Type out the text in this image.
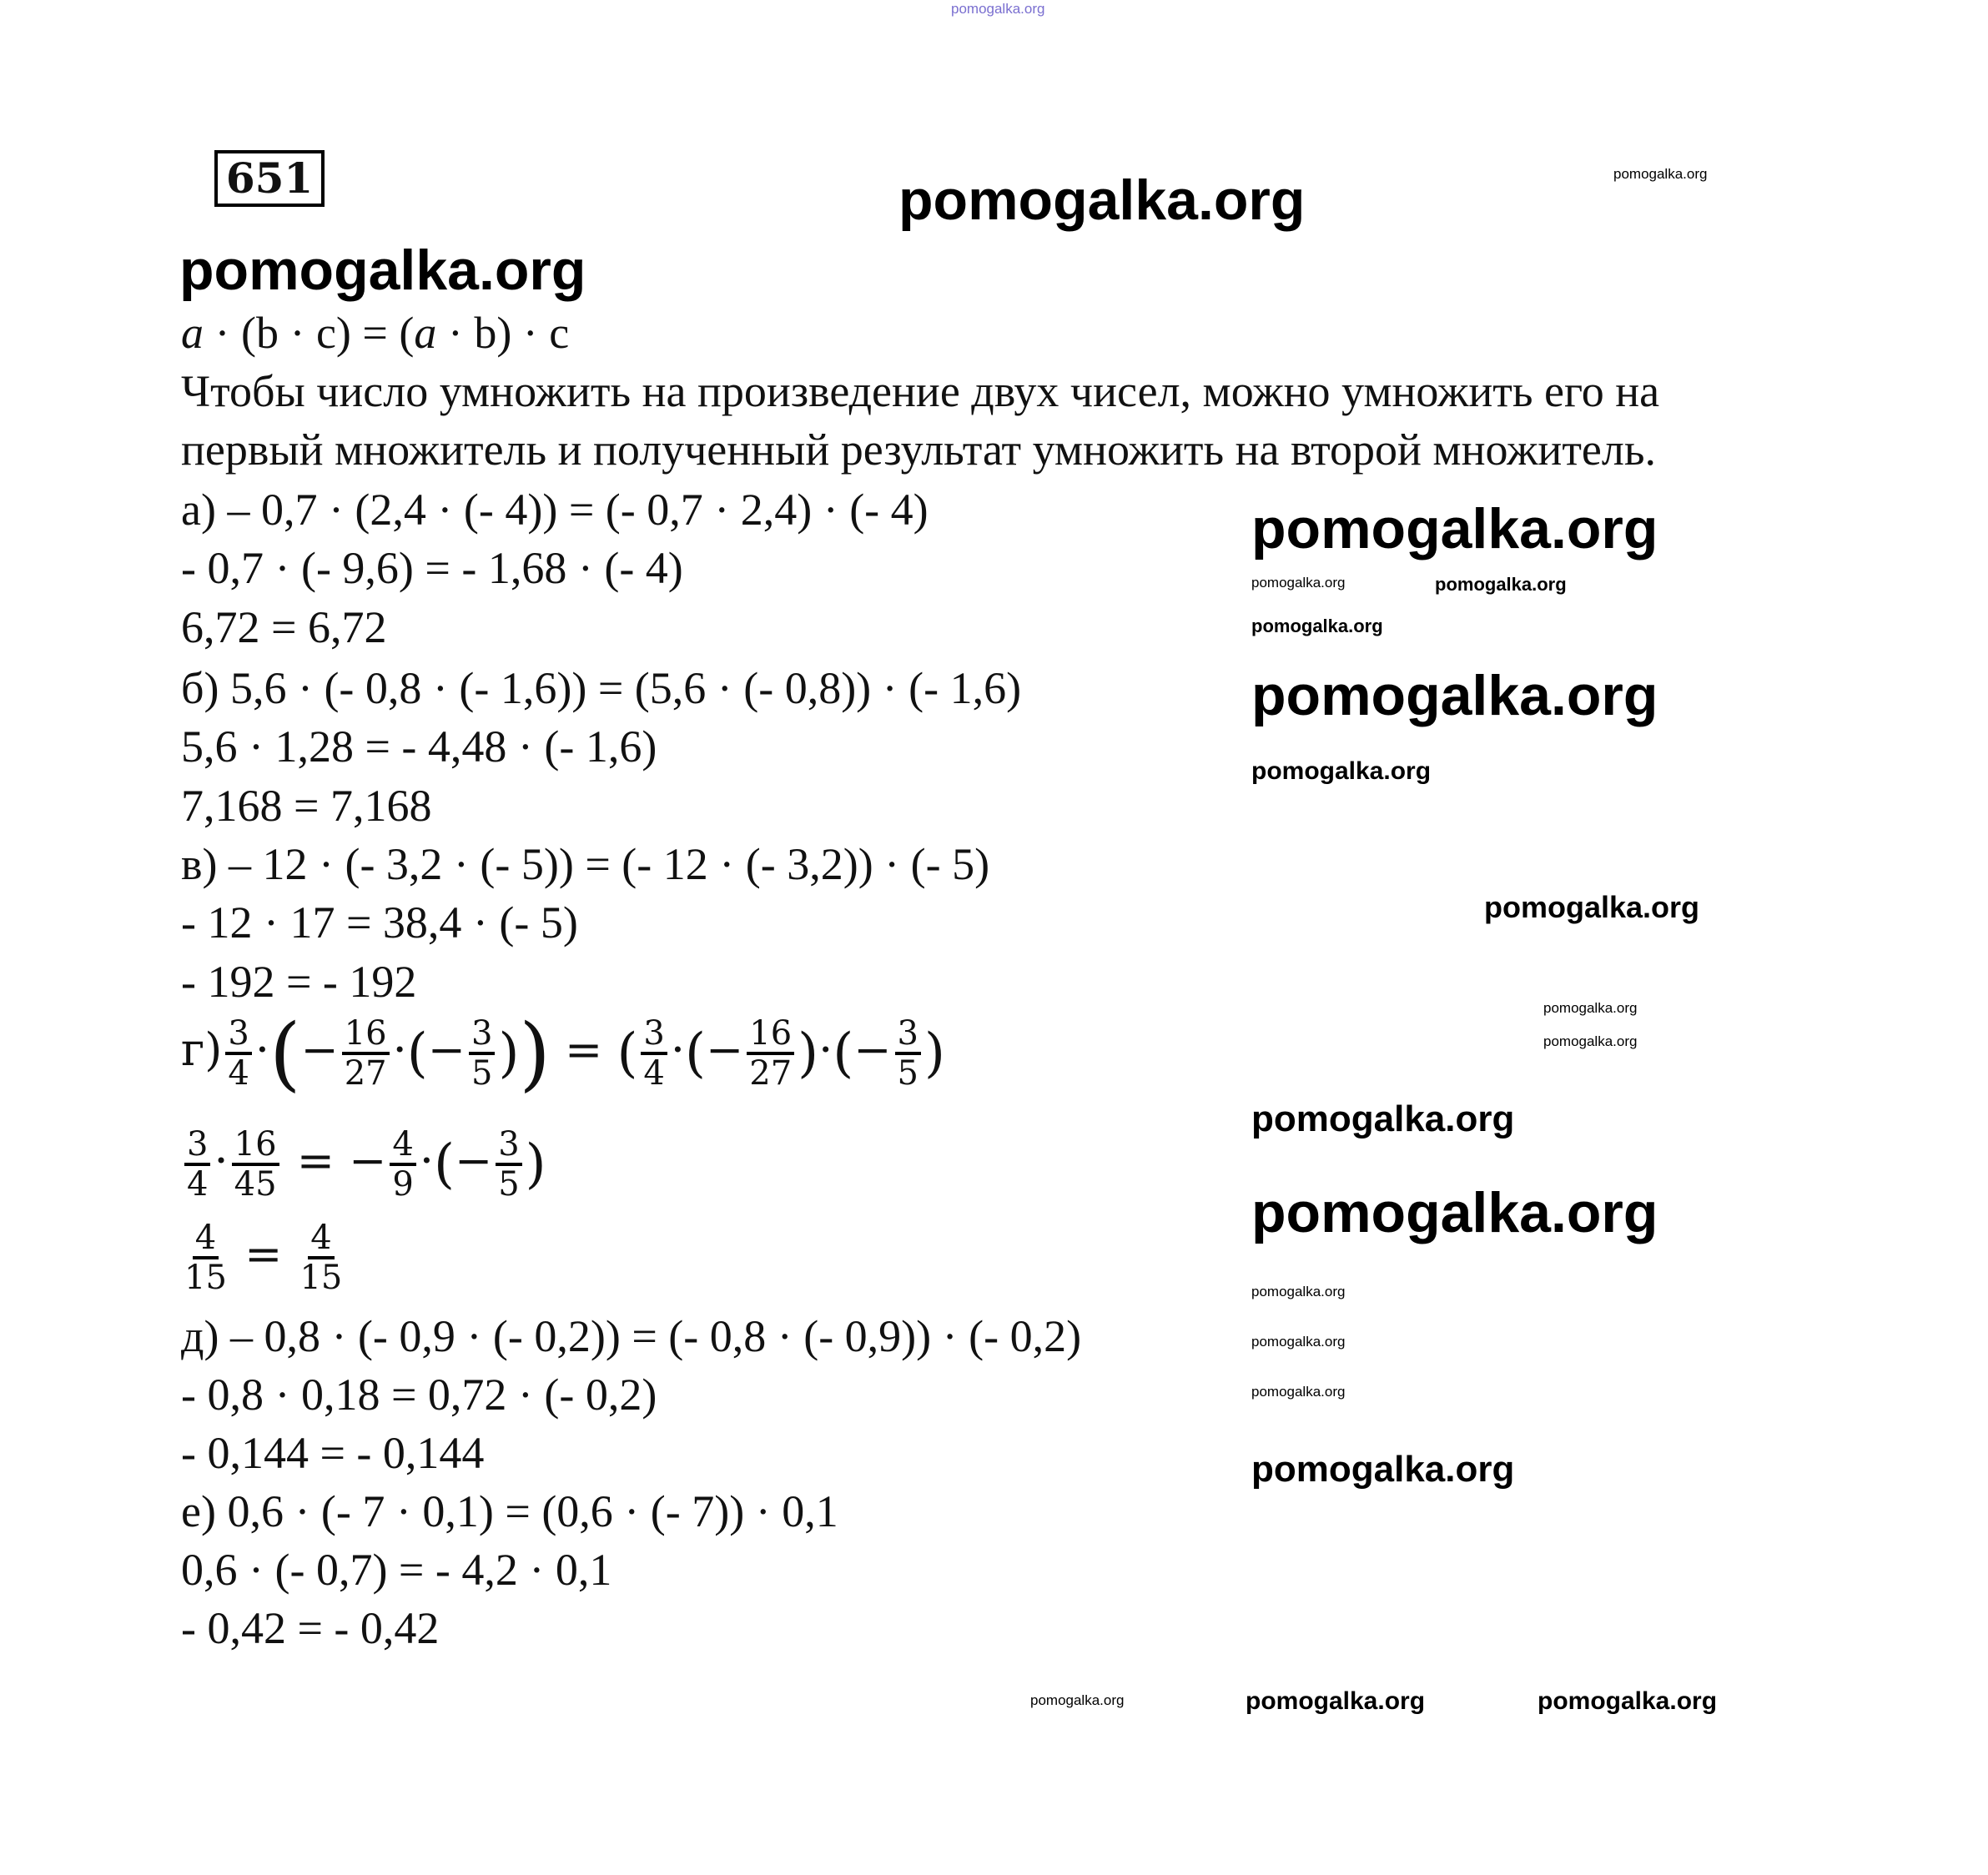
pomogalka.org
651	pomogalka.org	pomogalka.org
pomogalka.org
a · (b · c) = (a · b) · c
Чтобы число умножить на произведение двух чисел, можно умножить его на
первый множитель и полученный результат умножить на второй множитель.
а) – 0,7 · (2,4 · (- 4)) = (- 0,7 · 2,4) · (- 4)
- 0,7 · (- 9,6) = - 1,68 · (- 4)
6,72 = 6,72
б) 5,6 · (- 0,8 · (- 1,6)) = (5,6 · (- 0,8)) · (- 1,6)
5,6 · 1,28 = - 4,48 · (- 1,6)
7,168 = 7,168
в) – 12 · (- 3,2 · (- 5)) = (- 12 · (- 3,2)) · (- 5)
- 12 · 17 = 38,4 · (- 5)
- 192 = - 192
pomogalka.org
pomogalka.org	pomogalka.org
pomogalka.org
pomogalka.org
pomogalka.org
pomogalka.org
pomogalka.org
pomogalka.org
pomogalka.org
pomogalka.org
pomogalka.org
pomogalka.org
pomogalka.org
pomogalka.org
$г) \frac{3}{4}$ ·(− $\frac{16}{27}$ ·(− $\frac{3}{5}$ )) = ( $\frac{3}{4}$ ·(− $\frac{16}{27}$ )·(− $\frac{3}{5}$ )
$\frac{3}{4} \cdot \frac{16}{45}$ = − $\frac{4}{9}$ ·(− $\frac{3}{5}$ )
$\frac{4}{15} = \frac{4}{15}$
д) – 0,8 · (- 0,9 · (- 0,2)) = (- 0,8 · (- 0,9)) · (- 0,2)
- 0,8 · 0,18 = 0,72 · (- 0,2)
- 0,144 = - 0,144
е) 0,6 · (- 7 · 0,1) = (0,6 · (- 7)) · 0,1
0,6 · (- 0,7) = - 4,2 · 0,1
- 0,42 = - 0,42
pomogalka.org	pomogalka.org	pomogalka.org
